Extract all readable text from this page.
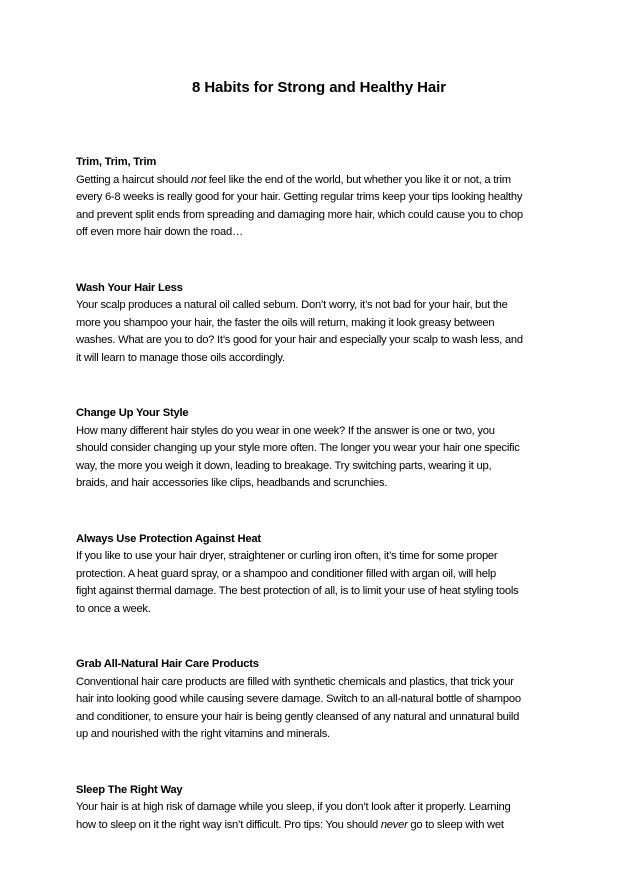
8 Habits for Strong and Healthy Hair
Trim, Trim, Trim
Getting a haircut should not feel like the end of the world, but whether you like it or not, a trim
every 6-8 weeks is really good for your hair. Getting regular trims keep your tips looking healthy
and prevent split ends from spreading and damaging more hair, which could cause you to chop
off even more hair down the road…
Wash Your Hair Less
Your scalp produces a natural oil called sebum. Don’t worry, it’s not bad for your hair, but the
more you shampoo your hair, the faster the oils will return, making it look greasy between
washes. What are you to do? It’s good for your hair and especially your scalp to wash less, and
it will learn to manage those oils accordingly.
Change Up Your Style
How many different hair styles do you wear in one week? If the answer is one or two, you
should consider changing up your style more often. The longer you wear your hair one specific
way, the more you weigh it down, leading to breakage. Try switching parts, wearing it up,
braids, and hair accessories like clips, headbands and scrunchies.
Always Use Protection Against Heat
If you like to use your hair dryer, straightener or curling iron often, it’s time for some proper
protection. A heat guard spray, or a shampoo and conditioner filled with argan oil, will help
fight against thermal damage. The best protection of all, is to limit your use of heat styling tools
to once a week.
Grab All-Natural Hair Care Products
Conventional hair care products are filled with synthetic chemicals and plastics, that trick your
hair into looking good while causing severe damage. Switch to an all-natural bottle of shampoo
and conditioner, to ensure your hair is being gently cleansed of any natural and unnatural build
up and nourished with the right vitamins and minerals.
Sleep The Right Way
Your hair is at high risk of damage while you sleep, if you don’t look after it properly. Learning
how to sleep on it the right way isn’t difficult. Pro tips: You should never go to sleep with wet
